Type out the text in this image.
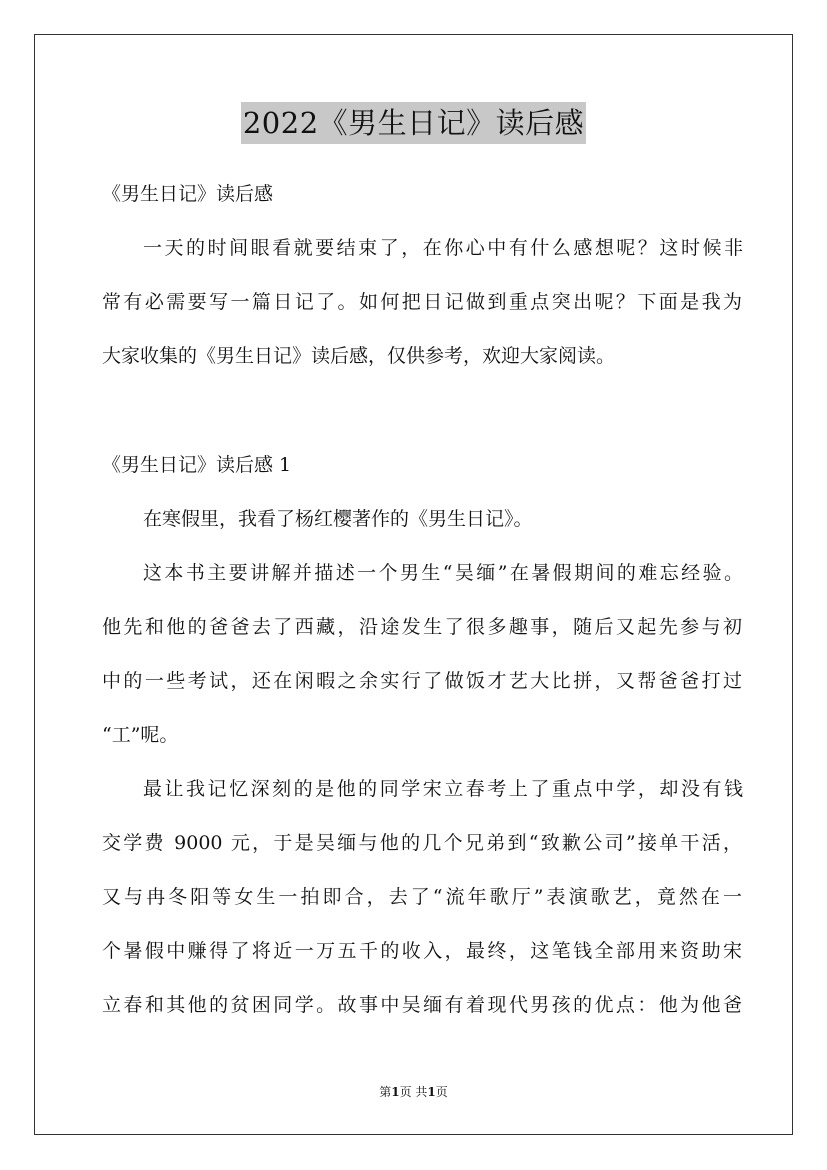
2022《男生日记》读后感
《男生日记》读后感
一天的时间眼看就要结束了，在你心中有什么感想呢？这时候非
常有必需要写一篇日记了。如何把日记做到重点突出呢？下面是我为
大家收集的《男生日记》读后感，仅供参考，欢迎大家阅读。
《男生日记》读后感 1
在寒假里，我看了杨红樱著作的《男生日记》。
这本书主要讲解并描述一个男生“吴缅”在暑假期间的难忘经验。
他先和他的爸爸去了西藏，沿途发生了很多趣事，随后又起先参与初
中的一些考试，还在闲暇之余实行了做饭才艺大比拼，又帮爸爸打过
“工”呢。
最让我记忆深刻的是他的同学宋立春考上了重点中学，却没有钱
交学费 9000 元，于是吴缅与他的几个兄弟到“致歉公司”接单干活，
又与冉冬阳等女生一拍即合，去了“流年歌厅”表演歌艺，竟然在一
个暑假中赚得了将近一万五千的收入，最终，这笔钱全部用来资助宋
立春和其他的贫困同学。故事中吴缅有着现代男孩的优点：他为他爸
第1页 共1页
